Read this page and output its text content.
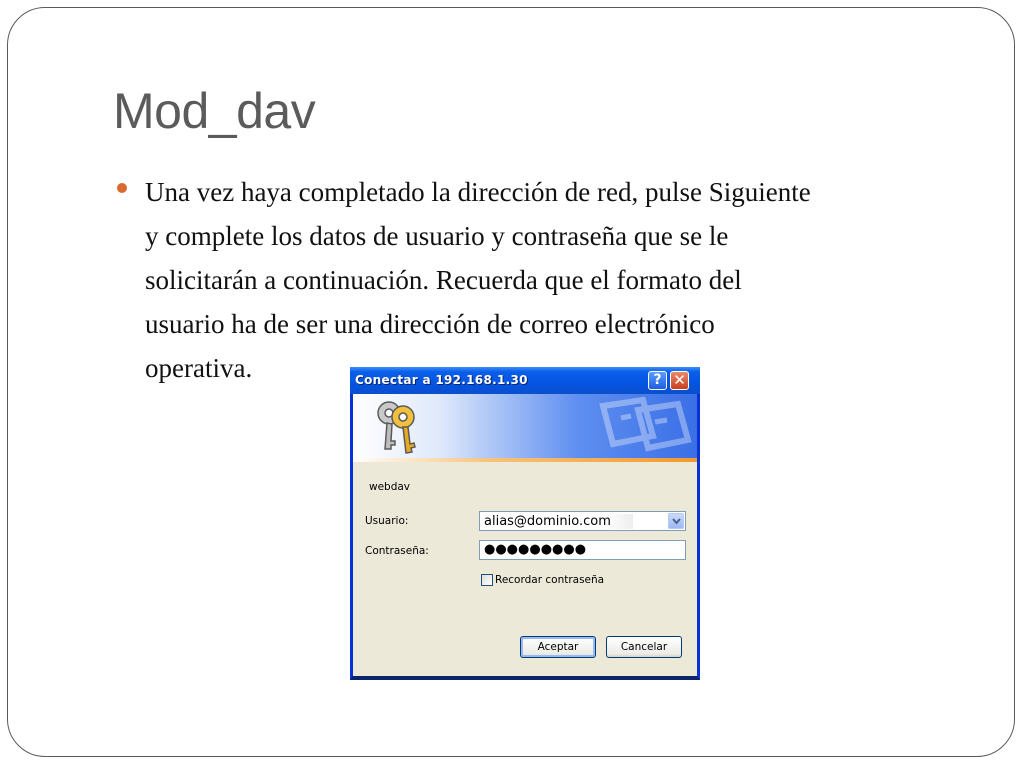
Mod_dav

Una vez haya completado la dirección de red, pulse Siguiente
y complete los datos de usuario y contraseña que se le
solicitarán a continuación. Recuerda que el formato del
usuario ha de ser una dirección de correo electrónico
operativa.	Conectar a 192.168.1.30	? ✕
webdav
Usuario:	alias@dominio.com
Contraseña:	●●●●●●●●●
Recordar contraseña
Aceptar	Cancelar
